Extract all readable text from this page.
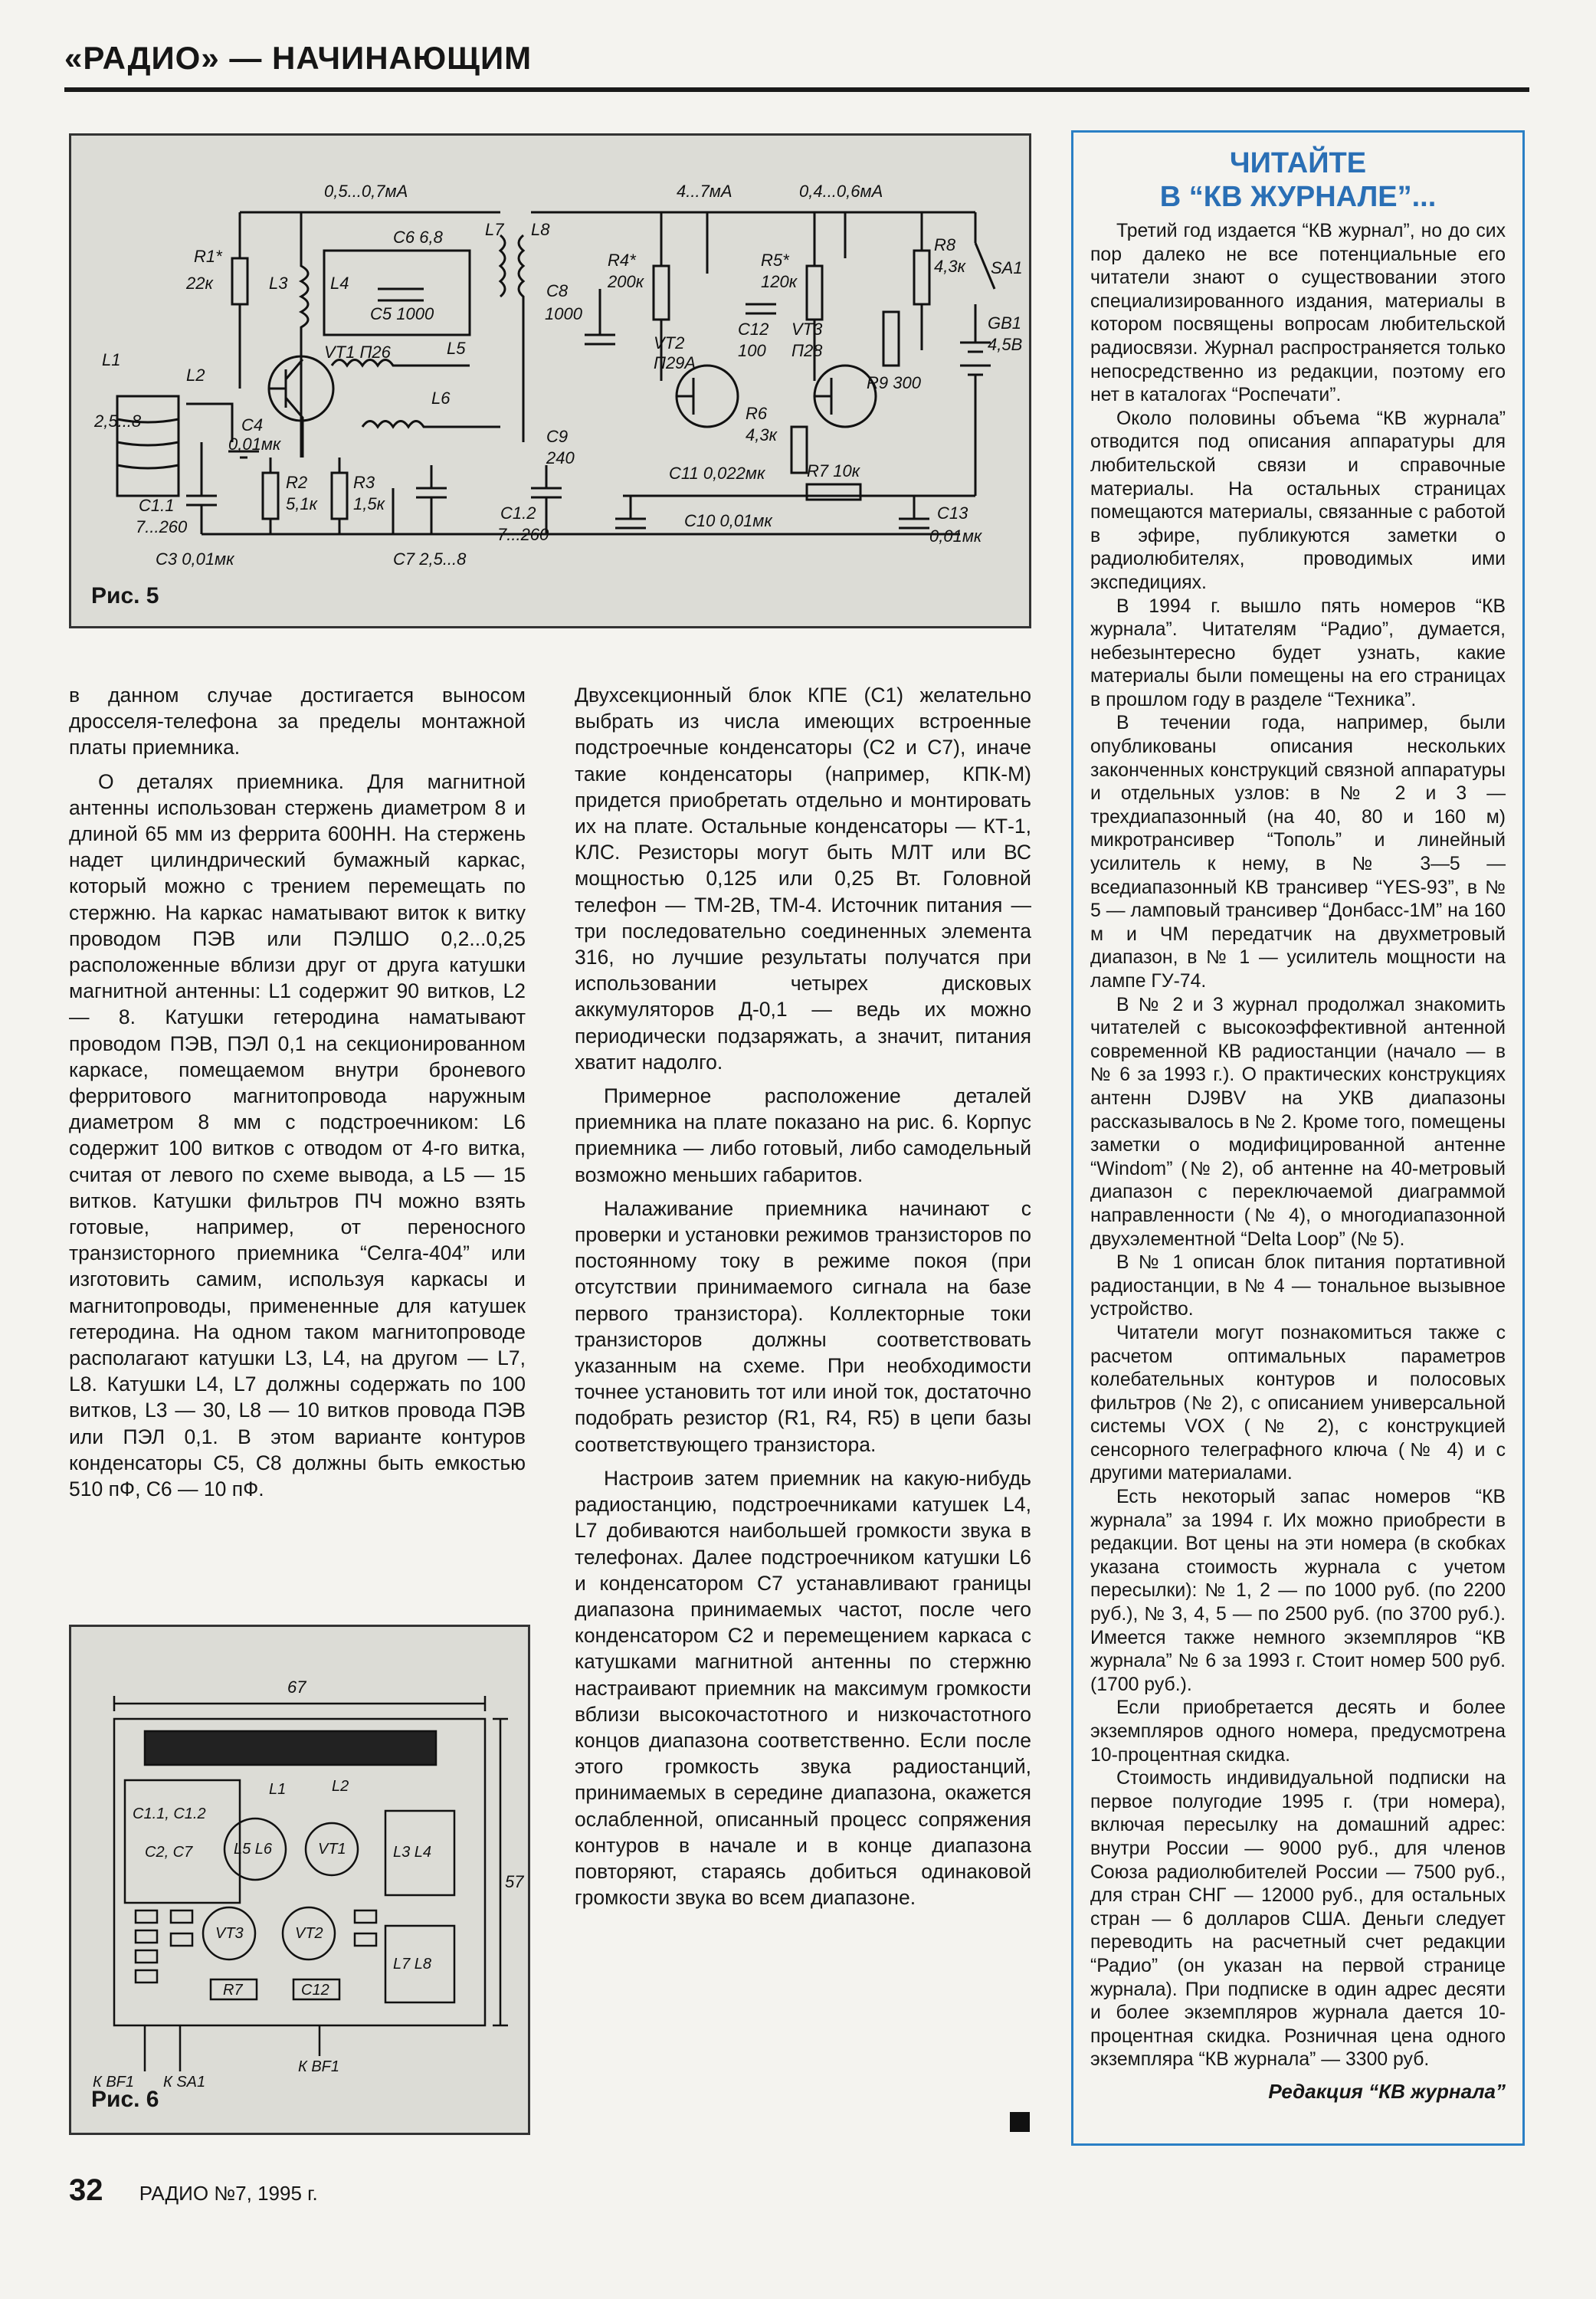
«РАДИО» — НАЧИНАЮЩИМ
0,5...0,7мА	4...7мА	0,4...0,6мА
R1*
22к	L3	L4
С6 6,8
С5 1000
L7 L8
С8
1000
VT1 П26	L5
L1
L2
2,5...8	С4
0,01мк
R2
5,1к
R3
1,5к
L6
С9
240
С1.1
7...260
С3 0,01мк	С7 2,5...8
С1.2
7...260
R4*
200к
R5*
120к
R8
4,3к SA1
VT2
П29А
С12
100
VT3
П28
R9 300
GB1
4,5В
R6
4,3к
С11 0,022мк R7 10к
С10 0,01мк	С13
0,01мк
Рис. 5

в данном случае достигается выносом дросселя-телефона за пределы монтажной платы приемника.

О деталях приемника. Для магнитной антенны использован стержень диаметром 8 и длиной 65 мм из феррита 600НН. На стержень надет цилиндрический бумажный каркас, который можно с трением перемещать по стержню. На каркас наматывают виток к витку проводом ПЭВ или ПЭЛШО 0,2...0,25 расположенные вблизи друг от друга катушки магнитной антенны: L1 содержит 90 витков, L2 — 8. Катушки гетеродина наматывают проводом ПЭВ, ПЭЛ 0,1 на секционированном каркасе, помещаемом внутри броневого ферритового магнитопровода наружным диаметром 8 мм с подстроечником: L6 содержит 100 витков с отводом от 4-го витка, считая от левого по схеме вывода, а L5 — 15 витков. Катушки фильтров ПЧ можно взять готовые, например, от переносного транзисторного приемника “Селга-404” или изготовить самим, используя каркасы и магнитопроводы, примененные для катушек гетеродина. На одном таком магнитопроводе располагают катушки L3, L4, на другом — L7, L8. Катушки L4, L7 должны содержать по 100 витков, L3 — 30, L8 — 10 витков провода ПЭВ или ПЭЛ 0,1. В этом варианте контуров конденсаторы С5, С8 должны быть емкостью 510 пФ, С6 — 10 пФ.

67
57
L1	L2
С1.1, С1.2
С2, С7	L5 L6	VT1	L3 L4
VT3	VT2
R7	С12
L7 L8
К BF1 К SA1
К BF1
Рис. 6

Двухсекционный блок КПЕ (С1) желательно выбрать из числа имеющих встроенные подстроечные конденсаторы (С2 и С7), иначе такие конденсаторы (например, КПК-М) придется приобретать отдельно и монтировать их на плате. Остальные конденсаторы — КТ-1, КЛС. Резисторы могут быть МЛТ или ВС мощностью 0,125 или 0,25 Вт. Головной телефон — ТМ-2В, ТМ-4. Источник питания — три последовательно соединенных элемента 316, но лучшие результаты получатся при использовании четырех дисковых аккумуляторов Д-0,1 — ведь их можно периодически подзаряжать, а значит, питания хватит надолго.

Примерное расположение деталей приемника на плате показано на рис. 6. Корпус приемника — либо готовый, либо самодельный возможно меньших габаритов.

Налаживание приемника начинают с проверки и установки режимов транзисторов по постоянному току в режиме покоя (при отсутствии принимаемого сигнала на базе первого транзистора). Коллекторные токи транзисторов должны соответствовать указанным на схеме. При необходимости точнее установить тот или иной ток, достаточно подобрать резистор (R1, R4, R5) в цепи базы соответствующего транзистора.

Настроив затем приемник на какую-нибудь радиостанцию, подстроечниками катушек L4, L7 добиваются наибольшей громкости звука в телефонах. Далее подстроечником катушки L6 и конденсатором С7 устанавливают границы диапазона принимаемых частот, после чего конденсатором С2 и перемещением каркаса с катушками магнитной антенны по стержню настраивают приемник на максимум громкости вблизи высокочастотного и низкочастотного концов диапазона соответственно. Если после этого громкость звука радиостанций, принимаемых в середине диапазона, окажется ослабленной, описанный процесс сопряжения контуров в начале и в конце диапазона повторяют, стараясь добиться одинаковой громкости звука во всем диапазоне.

ЧИТАЙТЕ
В “КВ ЖУРНАЛЕ”...

Третий год издается “КВ журнал”, но до сих пор далеко не все потенциальные его читатели знают о существовании этого специализированного издания, материалы в котором посвящены вопросам любительской радиосвязи. Журнал распространяется только непосредственно из редакции, поэтому его нет в каталогах “Роспечати”.

Около половины объема “КВ журнала” отводится под описания аппаратуры для любительской связи и справочные материалы. На остальных страницах помещаются материалы, связанные с работой в эфире, публикуются заметки о радиолюбителях, проводимых ими экспедициях.

В 1994 г. вышло пять номеров “КВ журнала”. Читателям “Радио”, думается, небезынтересно будет узнать, какие материалы были помещены на его страницах в прошлом году в разделе “Техника”.

В течении года, например, были опубликованы описания нескольких законченных конструкций связной аппаратуры и отдельных узлов: в № 2 и 3 — трехдиапазонный (на 40, 80 и 160 м) микротрансивер “Тополь” и линейный усилитель к нему, в № 3—5 — вседиапазонный КВ трансивер “YES-93”, в № 5 — ламповый трансивер “Донбасс-1М” на 160 м и ЧМ передатчик на двухметровый диапазон, в № 1 — усилитель мощности на лампе ГУ-74.

В № 2 и 3 журнал продолжал знакомить читателей с высокоэффективной антенной современной КВ радиостанции (начало — в № 6 за 1993 г.). О практических конструкциях антенн DJ9BV на УКВ диапазоны рассказывалось в № 2. Кроме того, помещены заметки о модифицированной антенне “Windom” (№ 2), об антенне на 40-метровый диапазон с переключаемой диаграммой направленности (№ 4), о многодиапазонной двухэлементной “Delta Loop” (№ 5).

В № 1 описан блок питания портативной радиостанции, в № 4 — тональное вызывное устройство.

Читатели могут познакомиться также с расчетом оптимальных параметров колебательных контуров и полосовых фильтров (№ 2), с описанием универсальной системы VOX (№ 2), с конструкцией сенсорного телеграфного ключа (№ 4) и с другими материалами.

Есть некоторый запас номеров “КВ журнала” за 1994 г. Их можно приобрести в редакции. Вот цены на эти номера (в скобках указана стоимость журнала с учетом пересылки): № 1, 2 — по 1000 руб. (по 2200 руб.), № 3, 4, 5 — по 2500 руб. (по 3700 руб.). Имеется также немного экземпляров “КВ журнала” № 6 за 1993 г. Стоит номер 500 руб. (1700 руб.).

Если приобретается десять и более экземпляров одного номера, предусмотрена 10-процентная скидка.

Стоимость индивидуальной подписки на первое полугодие 1995 г. (три номера), включая пересылку на домашний адрес: внутри России — 9000 руб., для членов Союза радиолюбителей России — 7500 руб., для стран СНГ — 12000 руб., для остальных стран — 6 долларов США. Деньги следует переводить на расчетный счет редакции “Радио” (он указан на первой странице журнала). При подписке в один адрес десяти и более экземпляров журнала дается 10-процентная скидка. Розничная цена одного экземпляра “КВ журнала” — 3300 руб.

Редакция “КВ журнала”
32 РАДИО №7, 1995 г.
